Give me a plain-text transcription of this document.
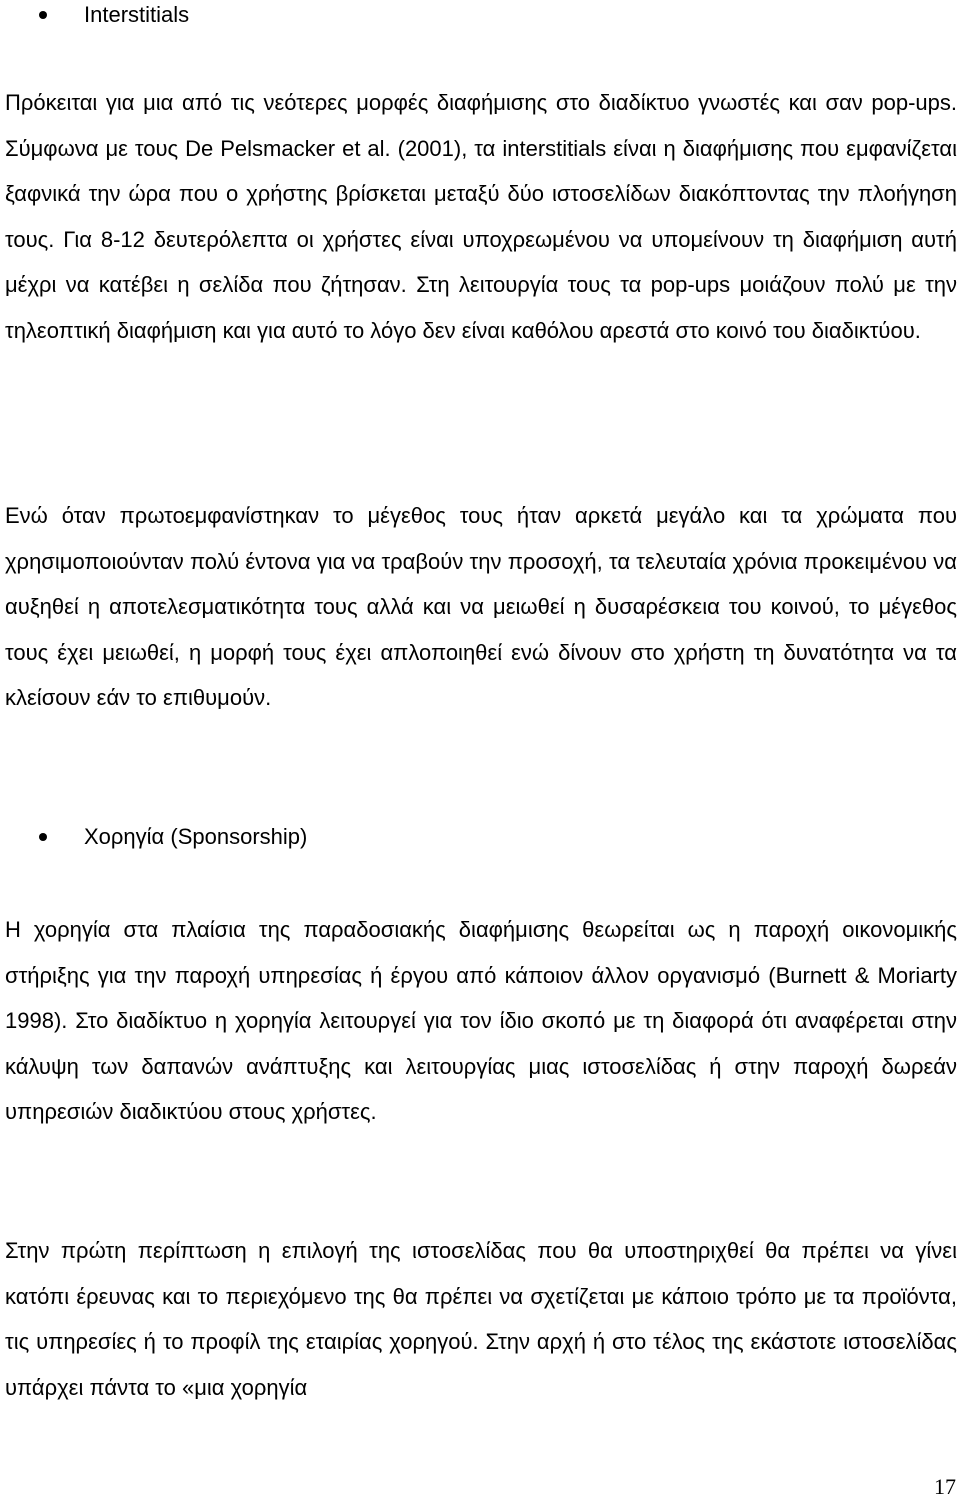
Interstitials

Πρόκειται για μια από τις νεότερες μορφές διαφήμισης στο διαδίκτυο γνωστές και σαν pop-ups. Σύμφωνα με τους De Pelsmacker et al. (2001), τα interstitials είναι η διαφήμισης που εμφανίζεται ξαφνικά την ώρα που ο χρήστης βρίσκεται μεταξύ δύο ιστοσελίδων διακόπτοντας την πλοήγηση τους. Για 8-12 δευτερόλεπτα οι χρήστες είναι υποχρεωμένου να υπομείνουν τη διαφήμιση αυτή μέχρι να κατέβει η σελίδα που ζήτησαν. Στη λειτουργία τους τα pop-ups μοιάζουν πολύ με την τηλεοπτική διαφήμιση και για αυτό το λόγο δεν είναι καθόλου αρεστά στο κοινό του διαδικτύου.

Ενώ όταν πρωτοεμφανίστηκαν το μέγεθος τους ήταν αρκετά μεγάλο και τα χρώματα που χρησιμοποιούνταν πολύ έντονα για να τραβούν την προσοχή, τα τελευταία χρόνια προκειμένου να αυξηθεί η αποτελεσματικότητα τους αλλά και να μειωθεί η δυσαρέσκεια του κοινού, το μέγεθος τους έχει μειωθεί, η μορφή τους έχει απλοποιηθεί ενώ δίνουν στο χρήστη τη δυνατότητα να τα κλείσουν εάν το επιθυμούν.

Χορηγία (Sponsorship)

Η χορηγία στα πλαίσια της παραδοσιακής διαφήμισης θεωρείται ως η παροχή οικονομικής στήριξης για την παροχή υπηρεσίας ή έργου από κάποιον άλλον οργανισμό (Burnett & Moriarty 1998). Στο διαδίκτυο η χορηγία λειτουργεί για τον ίδιο σκοπό με τη διαφορά ότι αναφέρεται στην κάλυψη των δαπανών ανάπτυξης και λειτουργίας μιας ιστοσελίδας ή στην παροχή δωρεάν υπηρεσιών διαδικτύου στους χρήστες.

Στην πρώτη περίπτωση η επιλογή της ιστοσελίδας που θα υποστηριχθεί θα πρέπει να γίνει κατόπι έρευνας και το περιεχόμενο της θα πρέπει να σχετίζεται με κάποιο τρόπο με τα προϊόντα, τις υπηρεσίες ή το προφίλ της εταιρίας χορηγού. Στην αρχή ή στο τέλος της εκάστοτε ιστοσελίδας υπάρχει πάντα το «μια χορηγία

17
